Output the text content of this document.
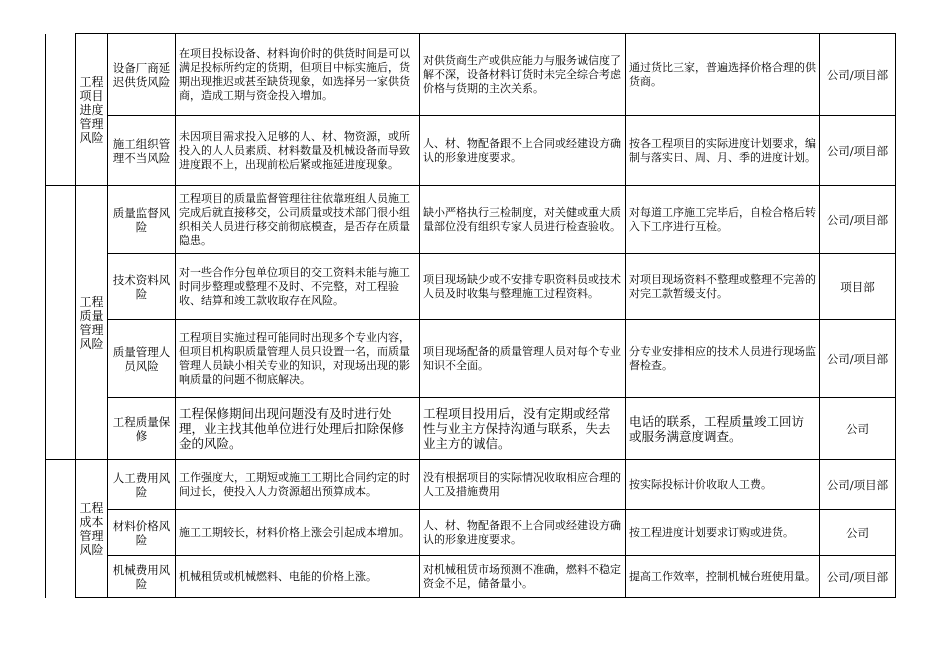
	工程项目进度管理风险	设备厂商延迟供货风险	在项目投标设备、材料询价时的供货时间是可以满足投标所约定的货期，但项目中标实施后，货期出现推迟或甚至缺货现象，如选择另一家供货商，造成工期与资金投入增加。	对供货商生产或供应能力与服务诚信度了解不深，设备材料订货时未完全综合考虑价格与货期的主次关系。	通过货比三家，普遍选择价格合理的供货商。	公司/项目部
		施工组织管理不当风险	未因项目需求投入足够的人、材、物资源，或所投入的人人员素质、材料数量及机械设备而导致进度跟不上，出现前松后紧或拖延进度现象。	人、材、物配备跟不上合同或经建设方确认的形象进度要求。	按各工程项目的实际进度计划要求，编制与落实日、周、月、季的进度计划。	公司/项目部
	工程质量管理风险	质量监督风险	工程项目的质量监督管理往往依靠班组人员施工完成后就直接移交，公司质量或技术部门很小组织相关人员进行移交前彻底模查，是否存在质量隐患。	缺小严格执行三检制度，对关健或重大质量部位没有组织专家人员进行检查验收。	对每道工序施工完毕后，自检合格后转入下工序进行互检。	公司/项目部
		技术资料风险	对一些合作分包单位项目的交工资料未能与施工时同步整理或整理不及时、不完整，对工程验收、结算和竣工款收取存在风险。	项目现场缺少或不安排专职资料员或技术人员及时收集与整理施工过程资料。	对项目现场资料不整理或整理不完善的对完工款暂缓支付。	项目部
		质量管理人员风险	工程项目实施过程可能同时出现多个专业内容，但项目机构职质量管理人员只设置一名，而质量管理人员缺小相关专业的知识，对现场出现的影响质量的问题不彻底解决。	项目现场配备的质量管理人员对每个专业知识不全面。	分专业安排相应的技术人员进行现场监督检查。	公司/项目部
		工程质量保修	工程保修期间出现问题没有及时进行处理，业主找其他单位进行处理后扣除保修金的风险。	工程项目投用后，没有定期或经常性与业主方保持沟通与联系，失去业主方的诚信。	电话的联系，工程质量竣工回访或服务满意度调查。	公司
	工程成本管理风险	人工费用风险	工作强度大，工期短或施工工期比合同约定的时间过长，使投入人力资源超出预算成本。	没有根据项目的实际情况收取相应合理的人工及措施费用	按实际投标计价收取人工费。	公司/项目部
		材料价格风险	施工工期较长，材料价格上涨会引起成本增加。	人、材、物配备跟不上合同或经建设方确认的形象进度要求。	按工程进度计划要求订购或进货。	公司
		机械费用风险	机械租赁或机械燃料、电能的价格上涨。	对机械租赁市场预测不准确，燃料不稳定资金不足，储备量小。	提高工作效率，控制机械台班使用量。	公司/项目部
